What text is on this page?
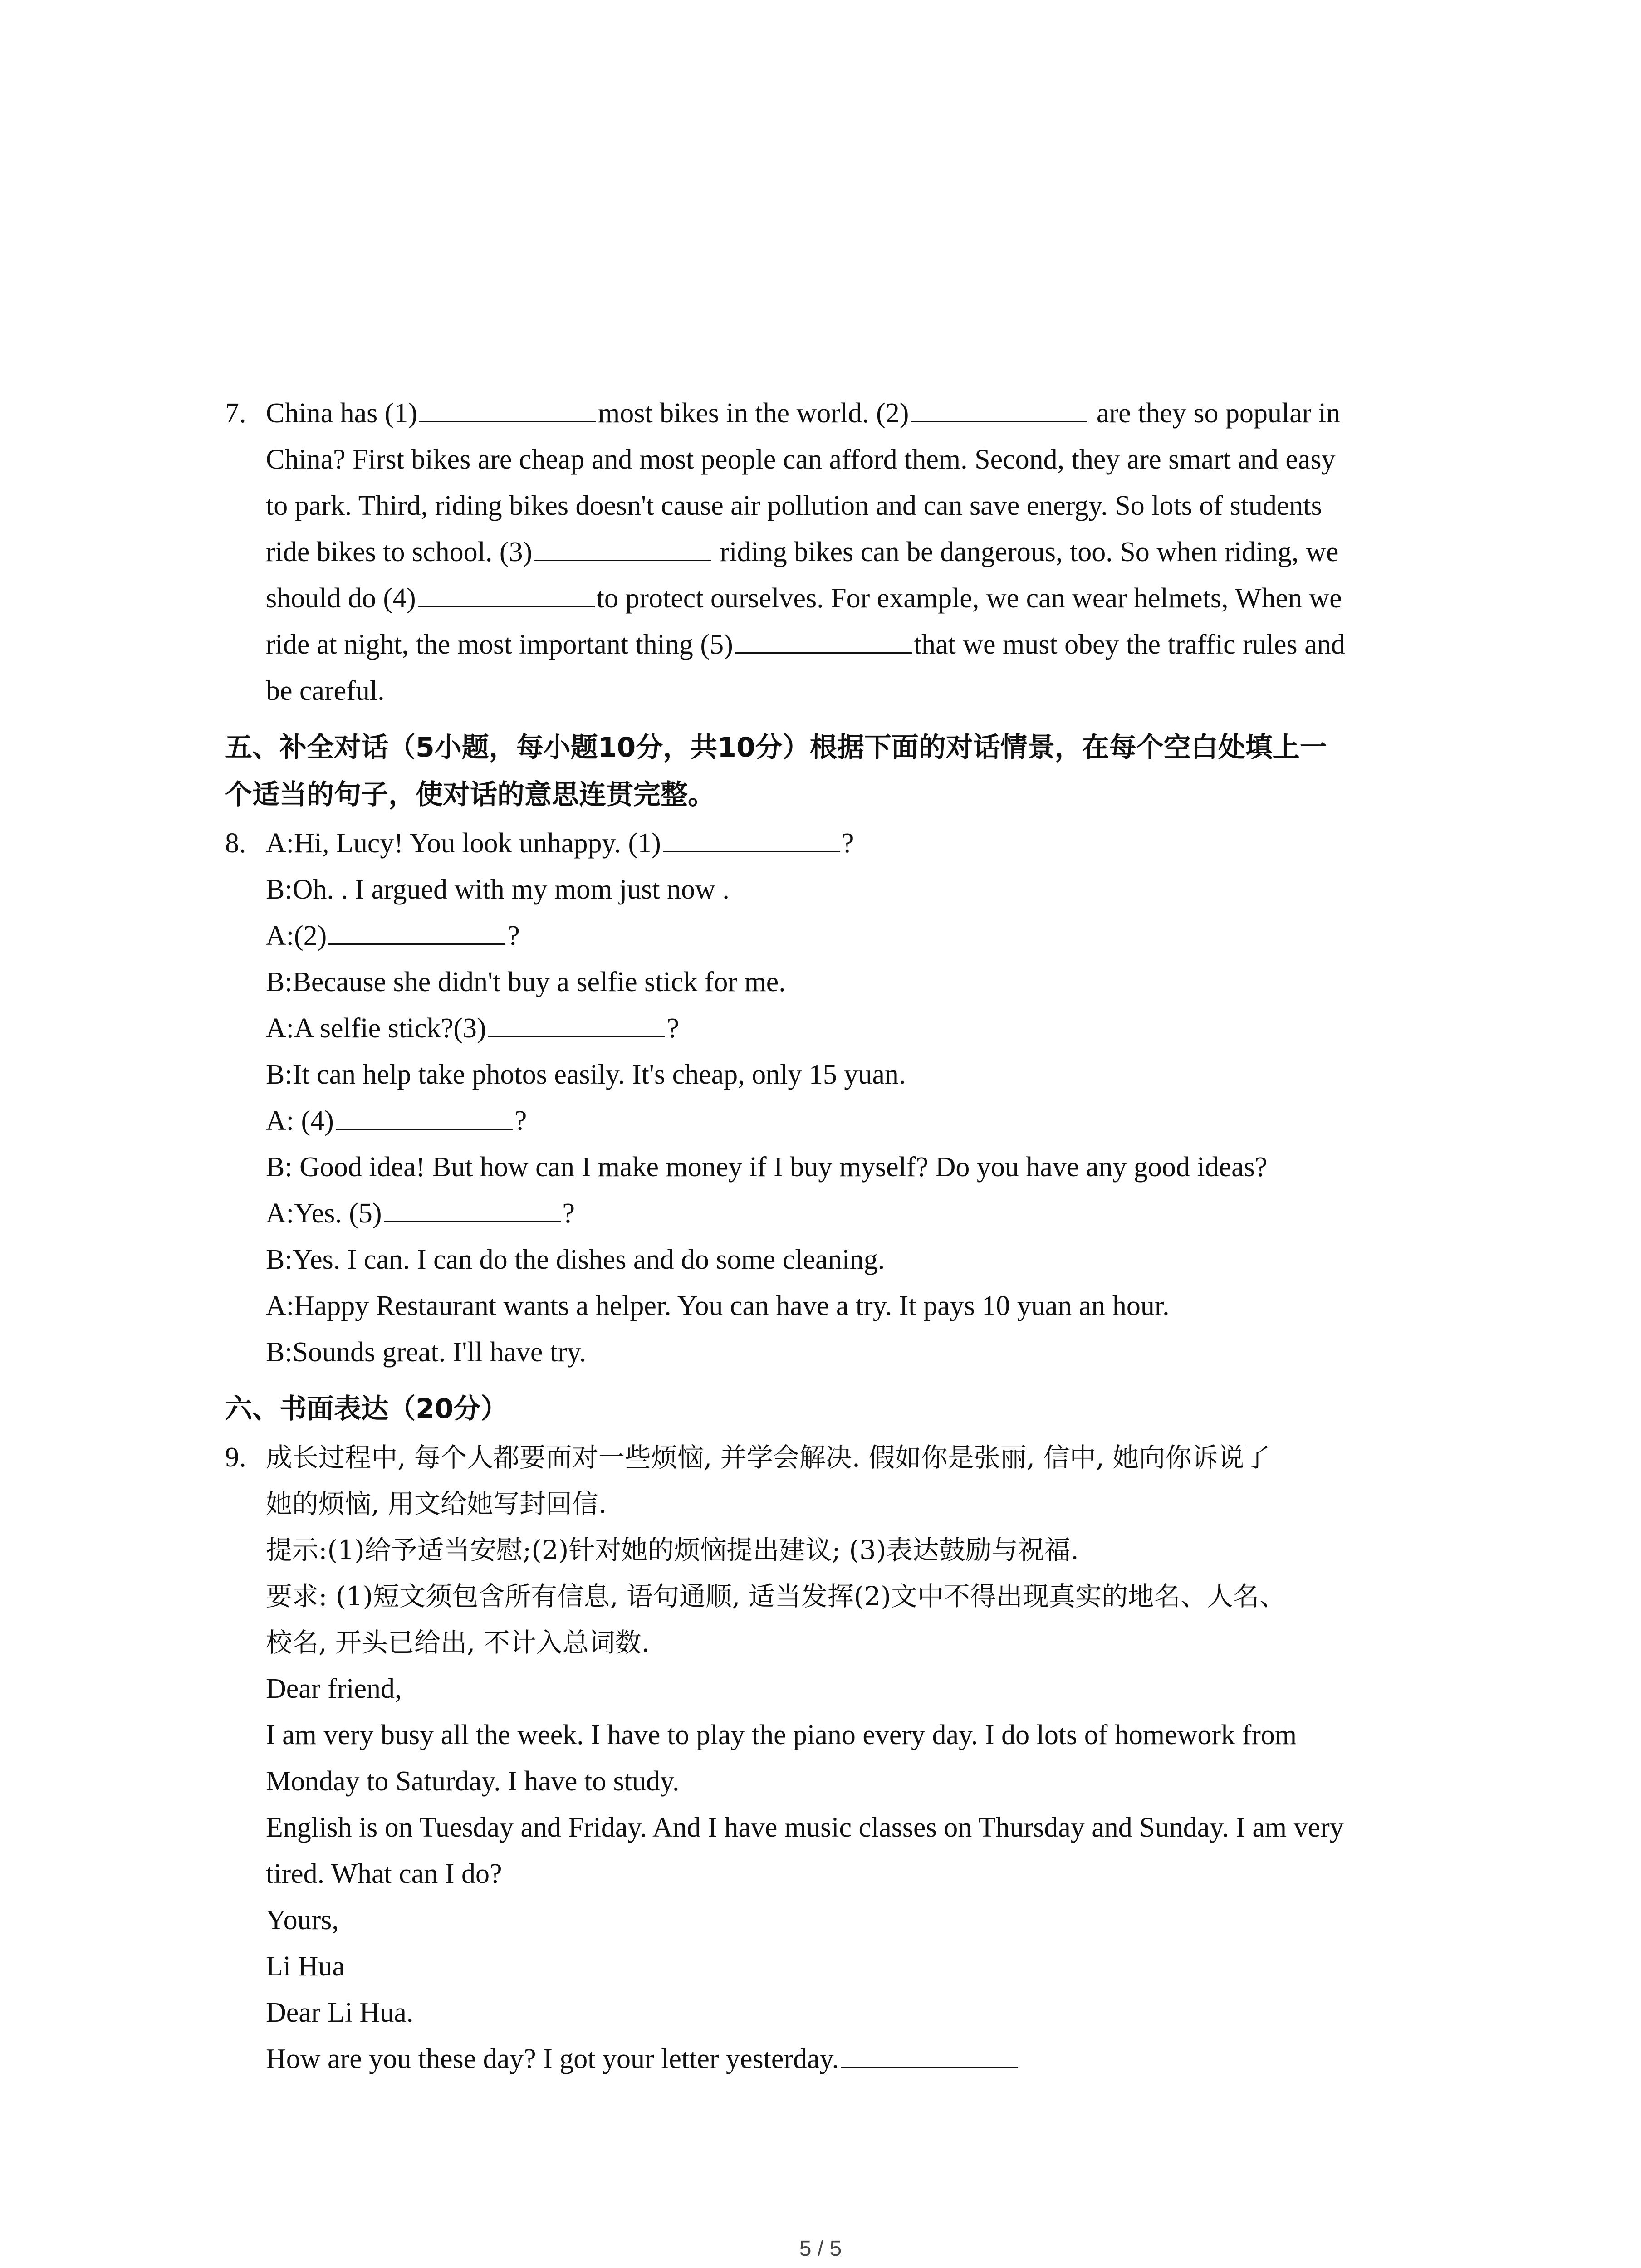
7. China has (1)	most bikes in the world. (2)	are they so popular in
China? First bikes are cheap and most people can afford them. Second, they are smart and easy
to park. Third, riding bikes doesn't cause air pollution and can save energy. So lots of students
ride bikes to school. (3)	riding bikes can be dangerous, too. So when riding, we
should do (4)	to protect ourselves. For example, we can wear helmets, When we
ride at night, the most important thing (5)	that we must obey the traffic rules and
be careful.
五、补全对话（5小题，每小题10分，共10分）根据下面的对话情景，在每个空白处填上一
个适当的句子，使对话的意思连贯完整。
8. A:Hi, Lucy! You look unhappy. (1)	?
B:Oh. . I argued with my mom just now .
A:(2)	?
B:Because she didn't buy a selfie stick for me.
A:A selfie stick?(3)	?
B:It can help take photos easily. It's cheap, only 15 yuan.
A: (4)	?
B: Good idea! But how can I make money if I buy myself? Do you have any good ideas?
A:Yes. (5)	?
B:Yes. I can. I can do the dishes and do some cleaning.
A:Happy Restaurant wants a helper. You can have a try. It pays 10 yuan an hour.
B:Sounds great. I'll have try.
六、书面表达（20分）
9. 成长过程中, 每个人都要面对一些烦恼, 并学会解决. 假如你是张丽, 信中, 她向你诉说了
她的烦恼, 用文给她写封回信.
提示:(1)给予适当安慰;(2)针对她的烦恼提出建议; (3)表达鼓励与祝福.
要求: (1)短文须包含所有信息, 语句通顺, 适当发挥(2)文中不得出现真实的地名、人名、
校名, 开头已给出, 不计入总词数.
Dear friend,
I am very busy all the week. I have to play the piano every day. I do lots of homework from
Monday to Saturday. I have to study.
English is on Tuesday and Friday. And I have music classes on Thursday and Sunday. I am very
tired. What can I do?
Yours,
Li Hua
Dear Li Hua.
How are you these day? I got your letter yesterday.
5 / 5
